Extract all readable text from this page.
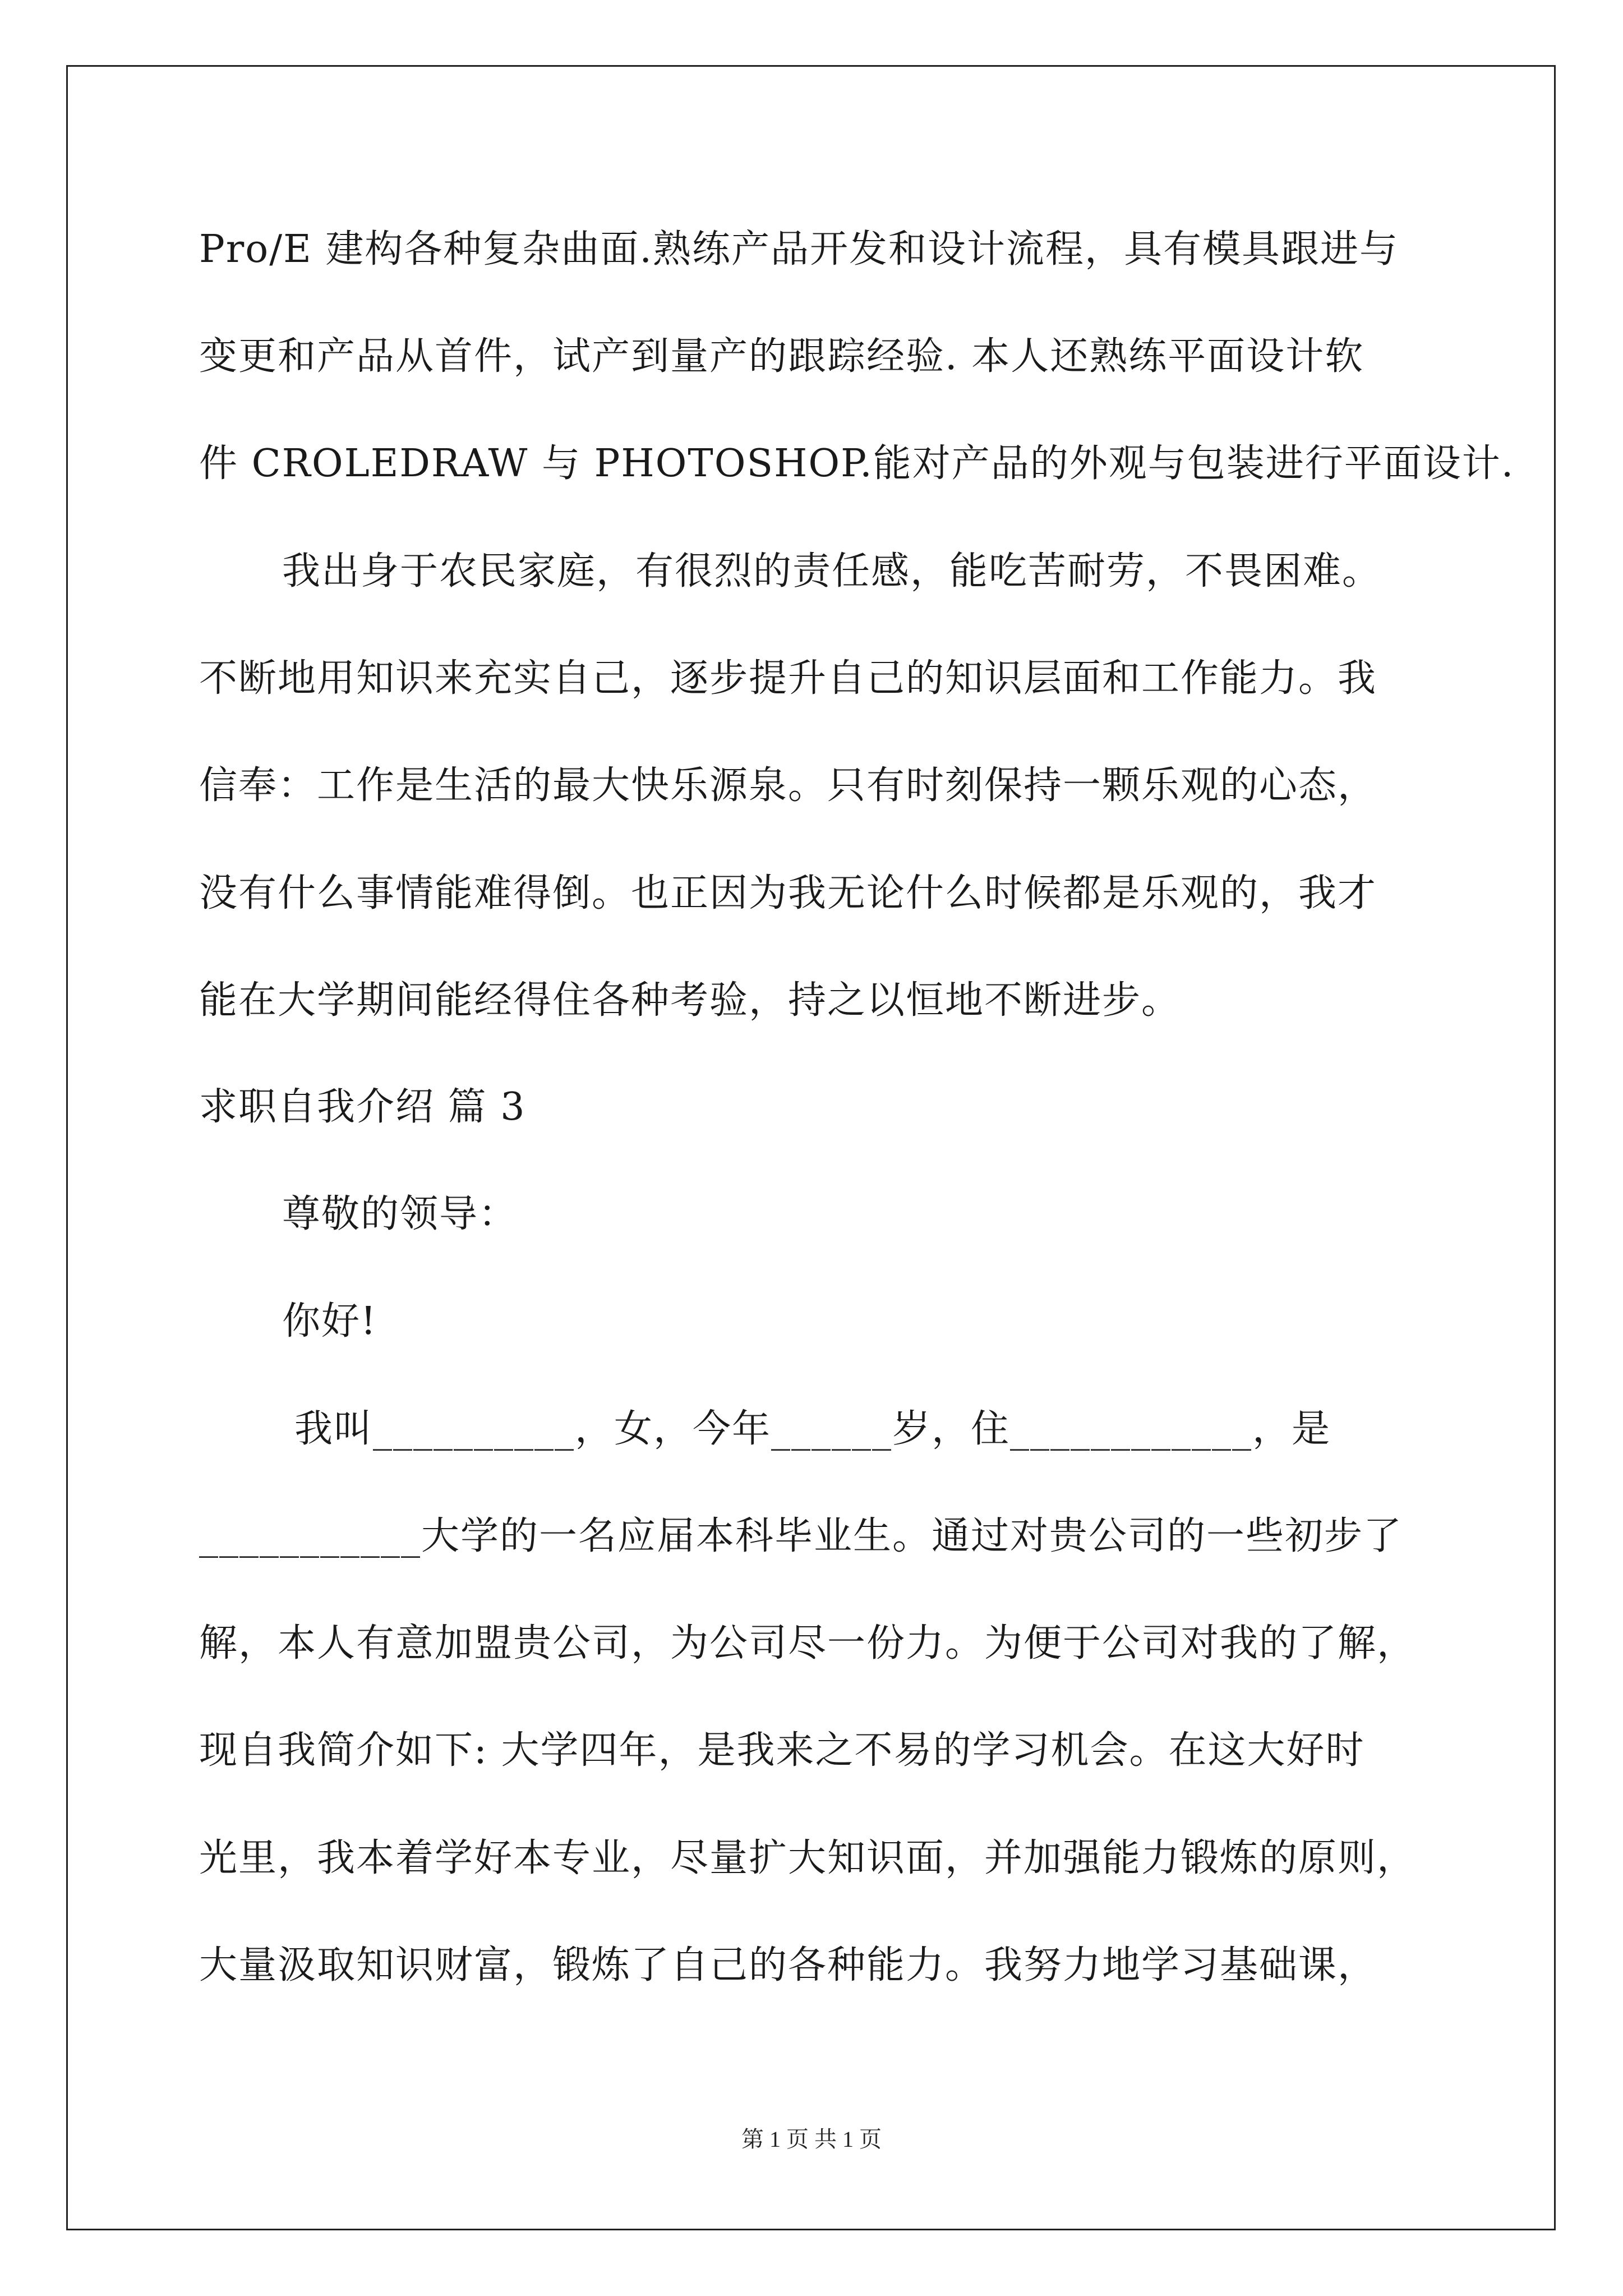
Pro/E 建构各种复杂曲面.熟练产品开发和设计流程，具有模具跟进与
变更和产品从首件，试产到量产的跟踪经验. 本人还熟练平面设计软
件 CROLEDRAW 与 PHOTOSHOP.能对产品的外观与包装进行平面设计.
我出身于农民家庭，有很烈的责任感，能吃苦耐劳，不畏困难。
不断地用知识来充实自己，逐步提升自己的知识层面和工作能力。我
信奉：工作是生活的最大快乐源泉。只有时刻保持一颗乐观的心态，
没有什么事情能难得倒。也正因为我无论什么时候都是乐观的，我才
能在大学期间能经得住各种考验，持之以恒地不断进步。
求职自我介绍 篇 3
尊敬的领导：
你好!
我叫__________，女，今年______岁，住____________，是
___________大学的一名应届本科毕业生。通过对贵公司的一些初步了
解，本人有意加盟贵公司，为公司尽一份力。为便于公司对我的了解，
现自我简介如下: 大学四年，是我来之不易的学习机会。在这大好时
光里，我本着学好本专业，尽量扩大知识面，并加强能力锻炼的原则，
大量汲取知识财富，锻炼了自己的各种能力。我努力地学习基础课，
第 1 页 共 1 页
